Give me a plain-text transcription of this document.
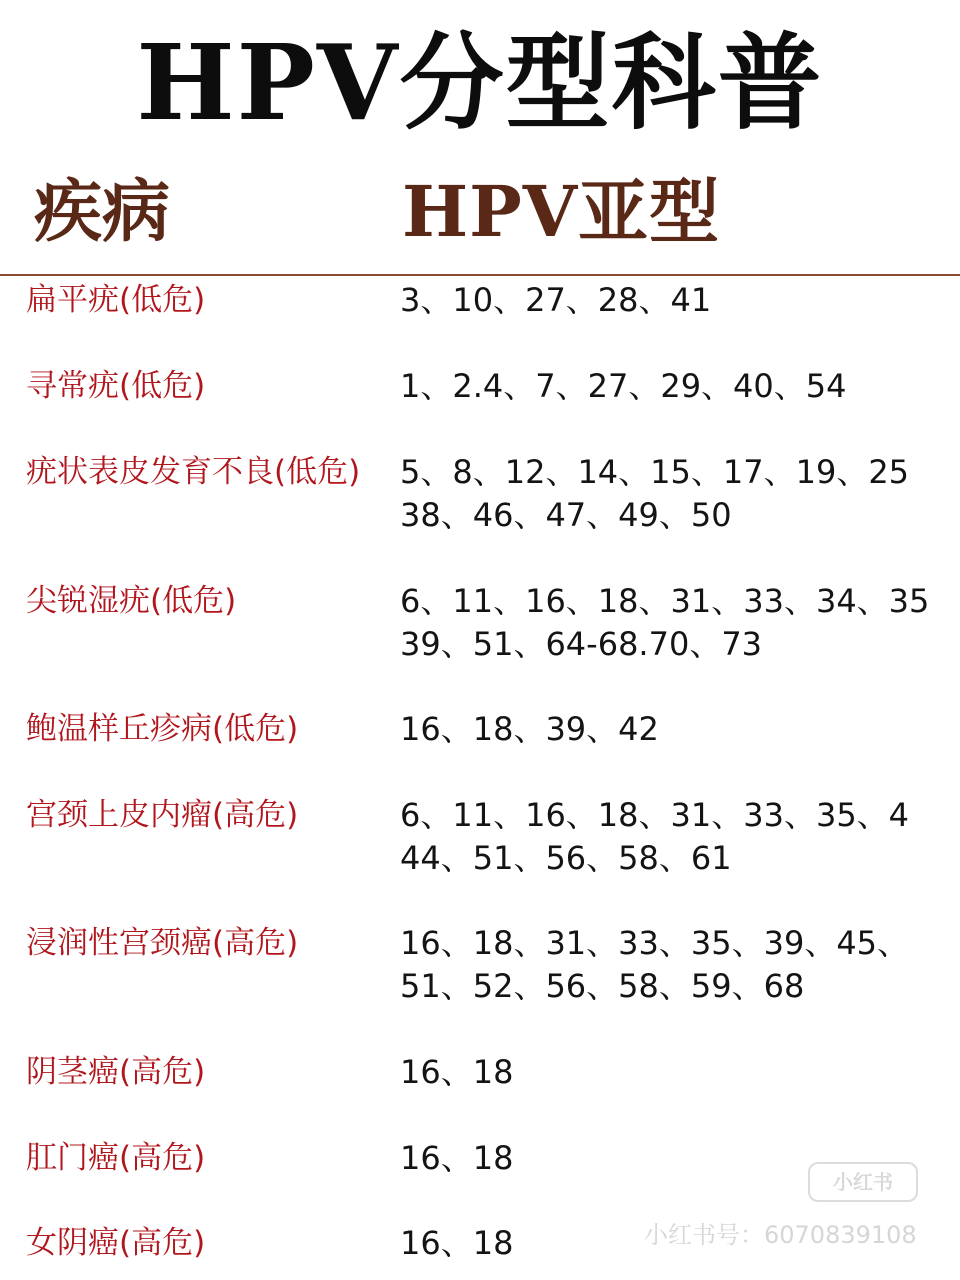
HPV分型科普
疾病	HPV亚型
扁平疣(低危)	3、10、27、28、41
寻常疣(低危)	1、2.4、7、27、29、40、54
疣状表皮发育不良(低危) 5、8、12、14、15、17、19、25
38、46、47、49、50
尖锐湿疣(低危)	6、11、16、18、31、33、34、35
39、51、64-68.70、73
鲍温样丘疹病(低危)	16、18、39、42
宫颈上皮内瘤(高危)	6、11、16、18、31、33、35、4
44、51、56、58、61
浸润性宫颈癌(高危)	16、18、31、33、35、39、45、
51、52、56、58、59、68
阴茎癌(高危)	16、18
肛门癌(高危)	16、18
女阴癌(高危)	16、18
小红书
小红书号：6070839108
